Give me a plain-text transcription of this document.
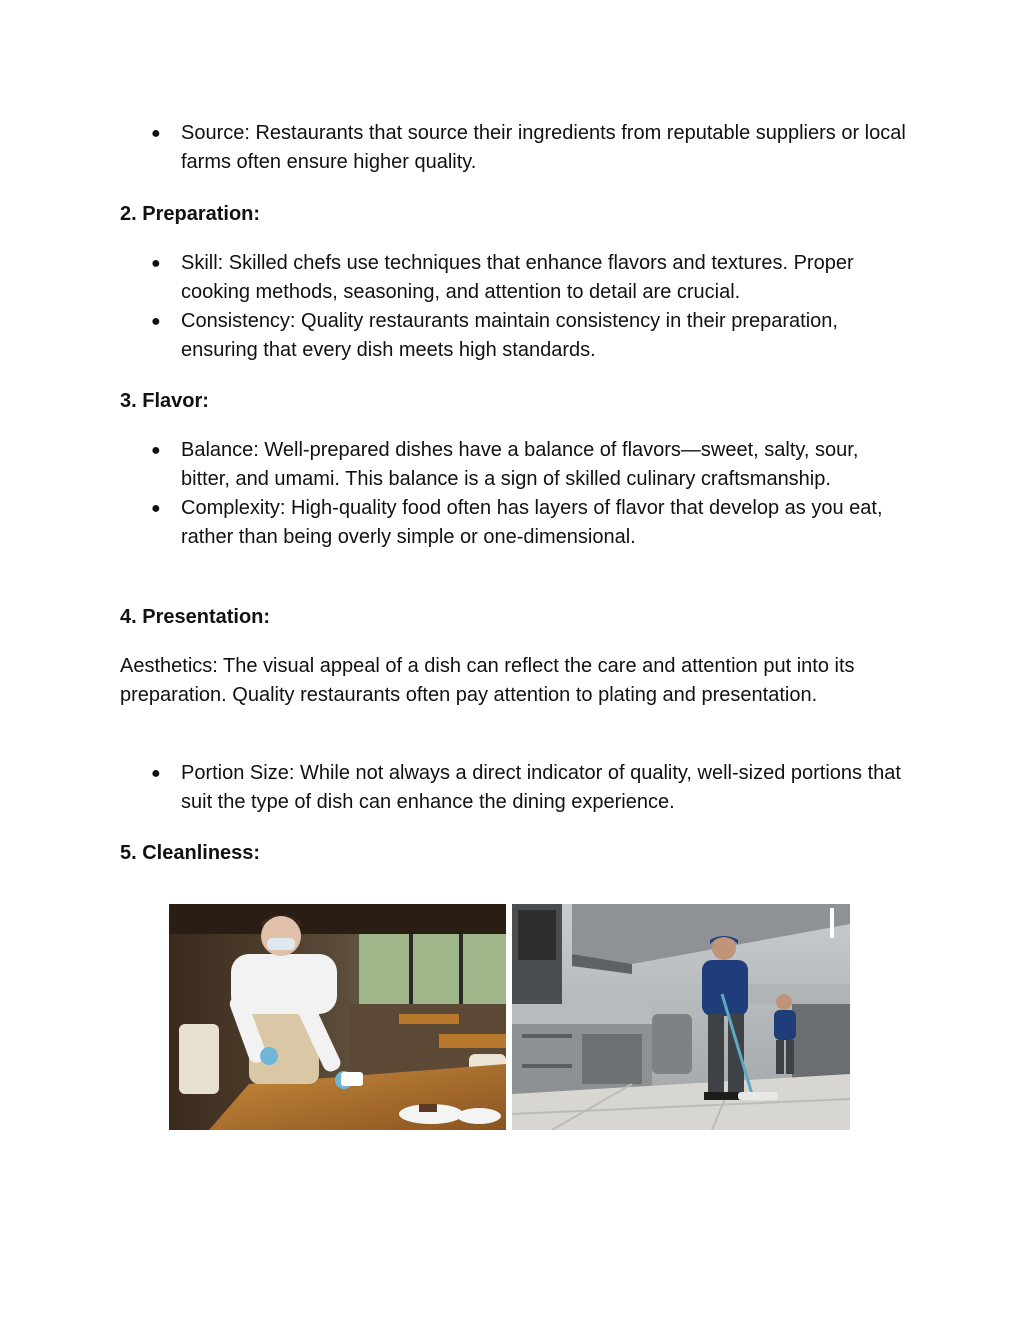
● Source: Restaurants that source their ingredients from reputable suppliers or local farms often ensure higher quality.
2. Preparation:
● Skill: Skilled chefs use techniques that enhance flavors and textures. Proper cooking methods, seasoning, and attention to detail are crucial.
● Consistency: Quality restaurants maintain consistency in their preparation, ensuring that every dish meets high standards.
3. Flavor:
● Balance: Well-prepared dishes have a balance of flavors—sweet, salty, sour, bitter, and umami. This balance is a sign of skilled culinary craftsmanship.
● Complexity: High-quality food often has layers of flavor that develop as you eat, rather than being overly simple or one-dimensional.
4. Presentation:

Aesthetics: The visual appeal of a dish can reflect the care and attention put into its preparation. Quality restaurants often pay attention to plating and presentation.

● Portion Size: While not always a direct indicator of quality, well-sized portions that suit the type of dish can enhance the dining experience.
5. Cleanliness:
